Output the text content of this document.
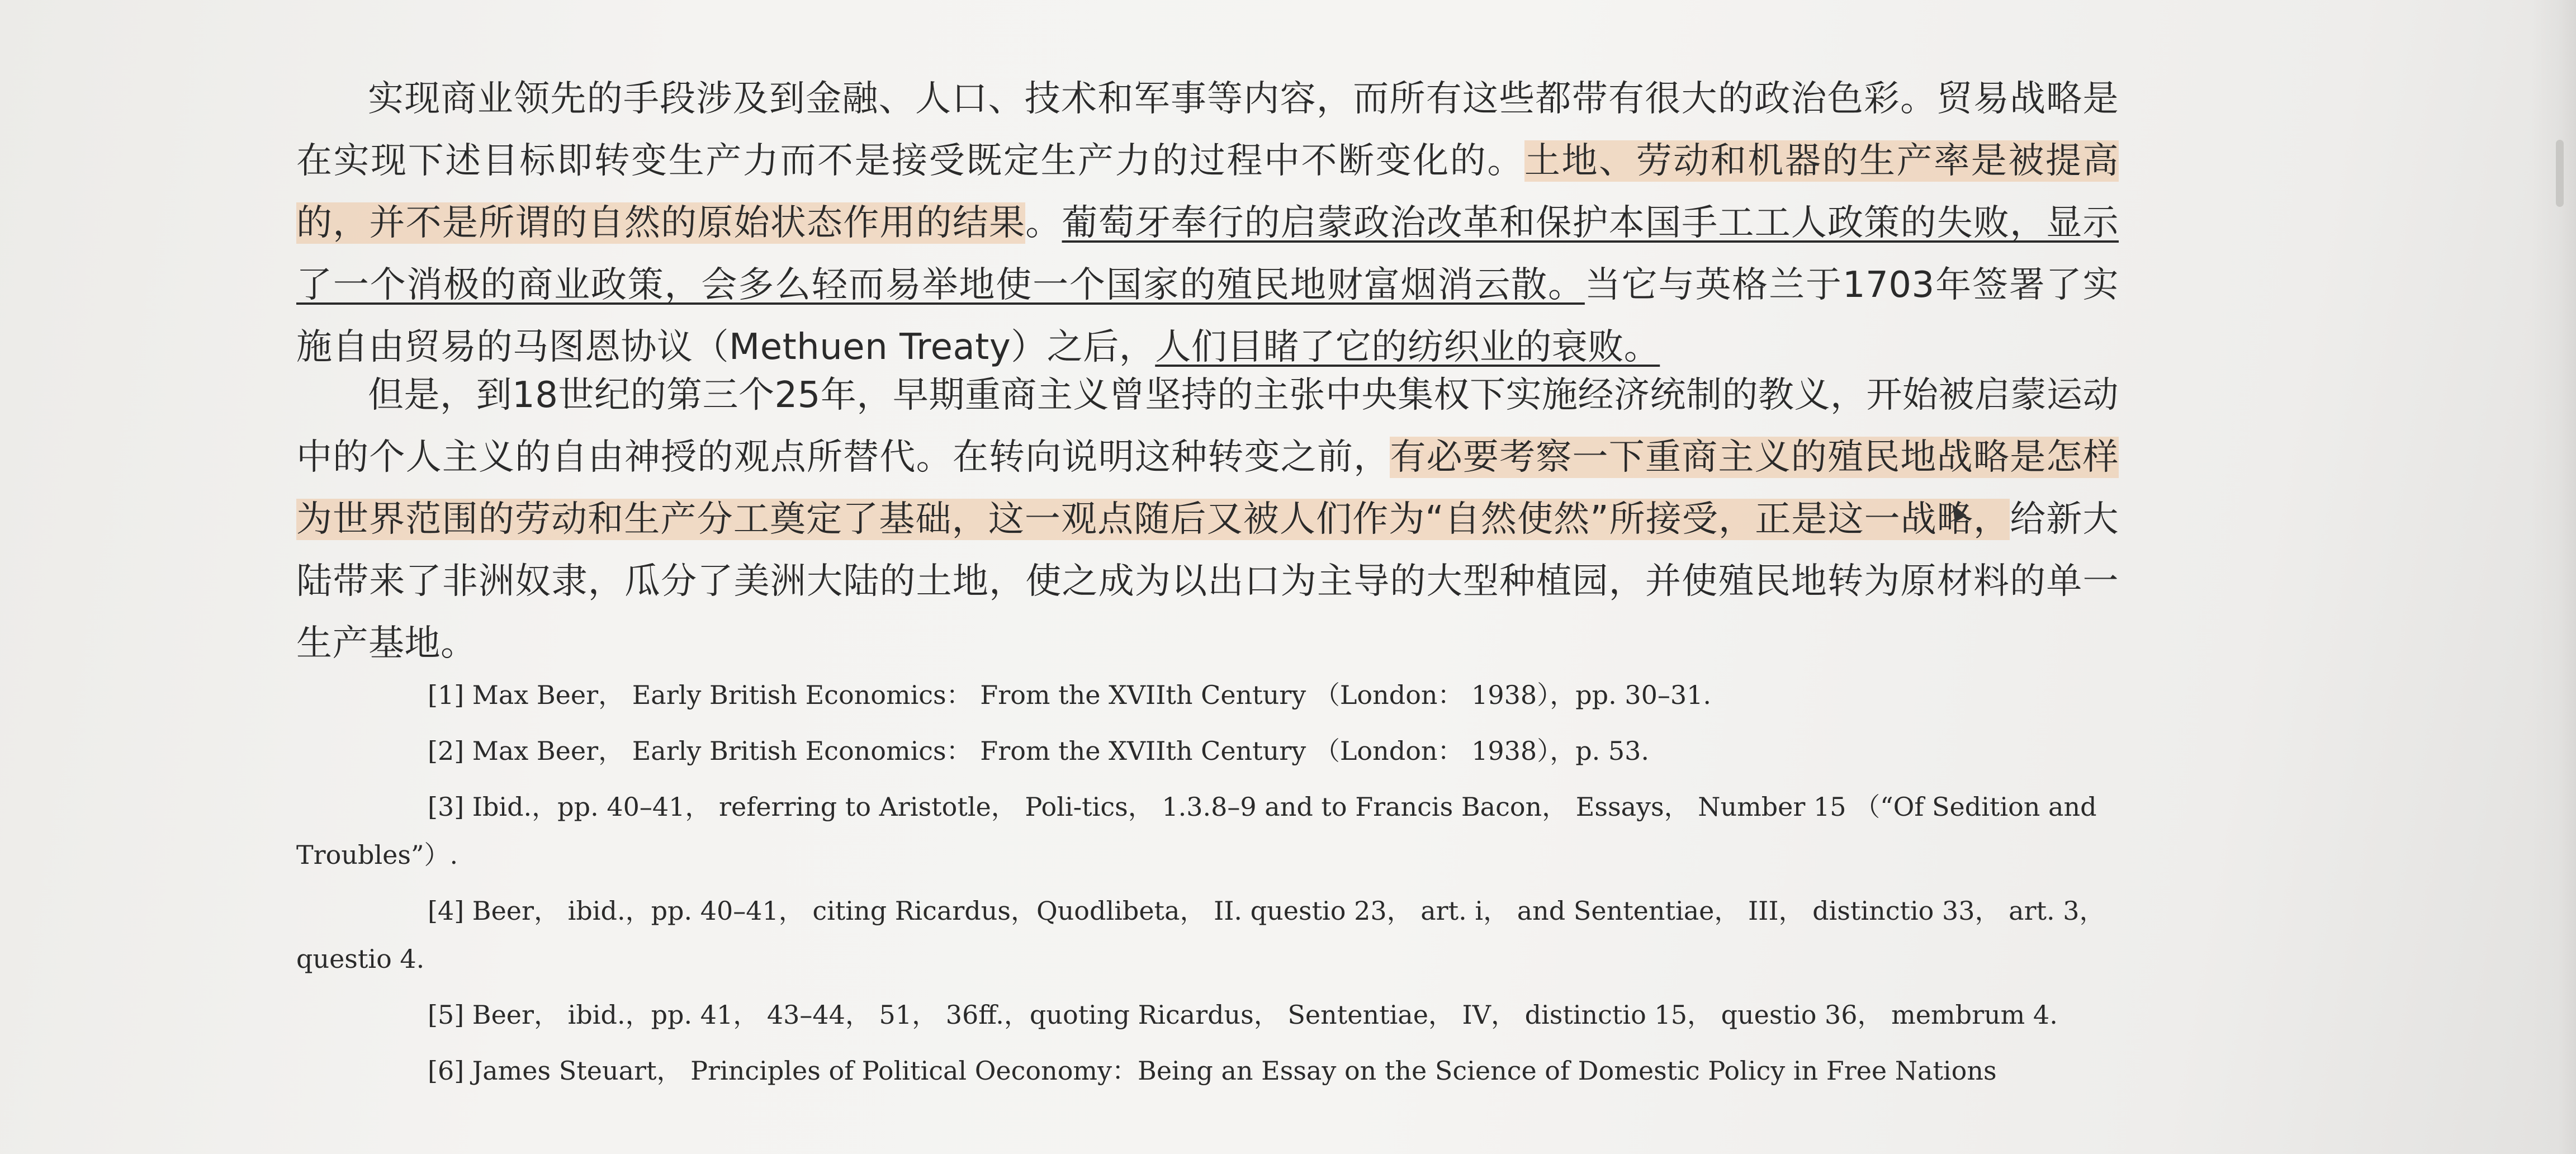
实现商业领先的手段涉及到金融、人口、技术和军事等内容，而所有这些都带有很大的政治色彩。贸易战略是在实现下述目标即转变生产力而不是接受既定生产力的过程中不断变化的。土地、劳动和机器的生产率是被提高的，并不是所谓的自然的原始状态作用的结果。葡萄牙奉行的启蒙政治改革和保护本国手工工人政策的失败，显示了一个消极的商业政策，会多么轻而易举地使一个国家的殖民地财富烟消云散。当它与英格兰于1703年签署了实施自由贸易的马图恩协议（Methuen Treaty）之后，人们目睹了它的纺织业的衰败。

但是，到18世纪的第三个25年，早期重商主义曾坚持的主张中央集权下实施经济统制的教义，开始被启蒙运动中的个人主义的自由神授的观点所替代。在转向说明这种转变之前，有必要考察一下重商主义的殖民地战略是怎样为世界范围的劳动和生产分工奠定了基础，这一观点随后又被人们作为“自然使然”所接受，正是这一战略，给新大陆带来了非洲奴隶，瓜分了美洲大陆的土地，使之成为以出口为主导的大型种植园，并使殖民地转为原材料的单一生产基地。

[1] Max Beer， Early British Economics： From the XVIIth Century （London： 1938），pp. 30–31.

[2] Max Beer， Early British Economics： From the XVIIth Century （London： 1938），p. 53.

[3] Ibid.，pp. 40–41， referring to Aristotle， Poli-tics， 1.3.8–9 and to Francis Bacon， Essays， Number 15 （“Of Sedition and Troubles”）.

[4] Beer， ibid.，pp. 40–41， citing Ricardus，Quodlibeta， II. questio 23， art. i， and Sententiae， III， distinctio 33， art. 3， questio 4.

[5] Beer， ibid.，pp. 41， 43–44， 51， 36ff.，quoting Ricardus， Sententiae， IV， distinctio 15， questio 36， membrum 4.

[6] James Steuart， Principles of Political Oeconomy：Being an Essay on the Science of Domestic Policy in Free Nations
